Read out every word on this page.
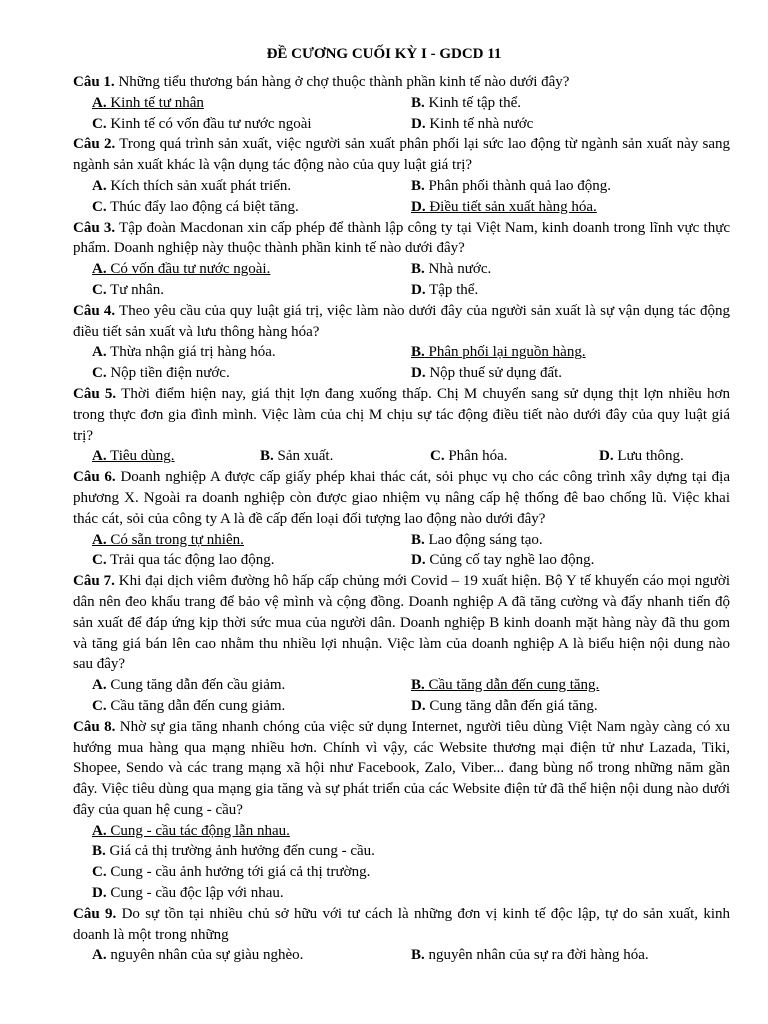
ĐỀ CƯƠNG CUỐI KỲ I - GDCD 11

Câu 1. Những tiểu thương bán hàng ở chợ thuộc thành phần kinh tế nào dưới đây?

A. Kinh tế tư nhân	B. Kinh tế tập thể.
C. Kinh tế có vốn đầu tư nước ngoài	D. Kinh tế nhà nước

Câu 2. Trong quá trình sản xuất, việc người sản xuất phân phối lại sức lao động từ ngành sản xuất này sang ngành sản xuất khác là vận dụng tác động nào của quy luật giá trị?

A. Kích thích sản xuất phát triển.	B. Phân phối thành quả lao động.
C. Thúc đẩy lao động cá biệt tăng.	D. Điều tiết sản xuất hàng hóa.

Câu 3. Tập đoàn Macdonan xin cấp phép để thành lập công ty tại Việt Nam, kinh doanh trong lĩnh vực thực phẩm. Doanh nghiệp này thuộc thành phần kinh tế nào dưới đây?

A. Có vốn đầu tư nước ngoài.	B. Nhà nước.
C. Tư nhân.	D. Tập thể.

Câu 4. Theo yêu cầu của quy luật giá trị, việc làm nào dưới đây của người sản xuất là sự vận dụng tác động điều tiết sản xuất và lưu thông hàng hóa?

A. Thừa nhận giá trị hàng hóa.	B. Phân phối lại nguồn hàng.
C. Nộp tiền điện nước.	D. Nộp thuế sử dụng đất.

Câu 5. Thời điểm hiện nay, giá thịt lợn đang xuống thấp. Chị M chuyển sang sử dụng thịt lợn nhiều hơn trong thực đơn gia đình mình. Việc làm của chị M chịu sự tác động điều tiết nào dưới đây của quy luật giá trị?

A. Tiêu dùng.	B. Sản xuất.	C. Phân hóa.	D. Lưu thông.

Câu 6. Doanh nghiệp A được cấp giấy phép khai thác cát, sỏi phục vụ cho các công trình xây dựng tại địa phương X. Ngoài ra doanh nghiệp còn được giao nhiệm vụ nâng cấp hệ thống đê bao chống lũ. Việc khai thác cát, sỏi của công ty A là đề cấp đến loại đối tượng lao động nào dưới đây?

A. Có sẵn trong tự nhiên.	B. Lao động sáng tạo.
C. Trải qua tác động lao động.	D. Củng cố tay nghề lao động.

Câu 7. Khi đại dịch viêm đường hô hấp cấp chủng mới Covid – 19 xuất hiện. Bộ Y tế khuyến cáo mọi người dân nên đeo khẩu trang để bảo vệ mình và cộng đồng. Doanh nghiệp A đã tăng cường và đẩy nhanh tiến độ sản xuất để đáp ứng kịp thời sức mua của người dân. Doanh nghiệp B kinh doanh mặt hàng này đã thu gom và tăng giá bán lên cao nhằm thu nhiều lợi nhuận. Việc làm của doanh nghiệp A là biểu hiện nội dung nào sau đây?

A. Cung tăng dẫn đến cầu giảm.	B. Cầu tăng dẫn đến cung tăng.
C. Cầu tăng dẫn đến cung giảm.	D. Cung tăng dẫn đến giá tăng.

Câu 8. Nhờ sự gia tăng nhanh chóng của việc sử dụng Internet, người tiêu dùng Việt Nam ngày càng có xu hướng mua hàng qua mạng nhiều hơn. Chính vì vậy, các Website thương mại điện tử như Lazada, Tiki, Shopee, Sendo và các trang mạng xã hội như Facebook, Zalo, Viber... đang bùng nổ trong những năm gần đây. Việc tiêu dùng qua mạng gia tăng và sự phát triển của các Website điện tử đã thể hiện nội dung nào dưới đây của quan hệ cung - cầu?

A. Cung - cầu tác động lẫn nhau.
B. Giá cả thị trường ảnh hưởng đến cung - cầu.
C. Cung - cầu ảnh hưởng tới giá cả thị trường.
D. Cung - cầu độc lập với nhau.

Câu 9. Do sự tồn tại nhiều chủ sở hữu với tư cách là những đơn vị kinh tế độc lập, tự do sản xuất, kinh doanh là một trong những

A. nguyên nhân của sự giàu nghèo.	B. nguyên nhân của sự ra đời hàng hóa.
